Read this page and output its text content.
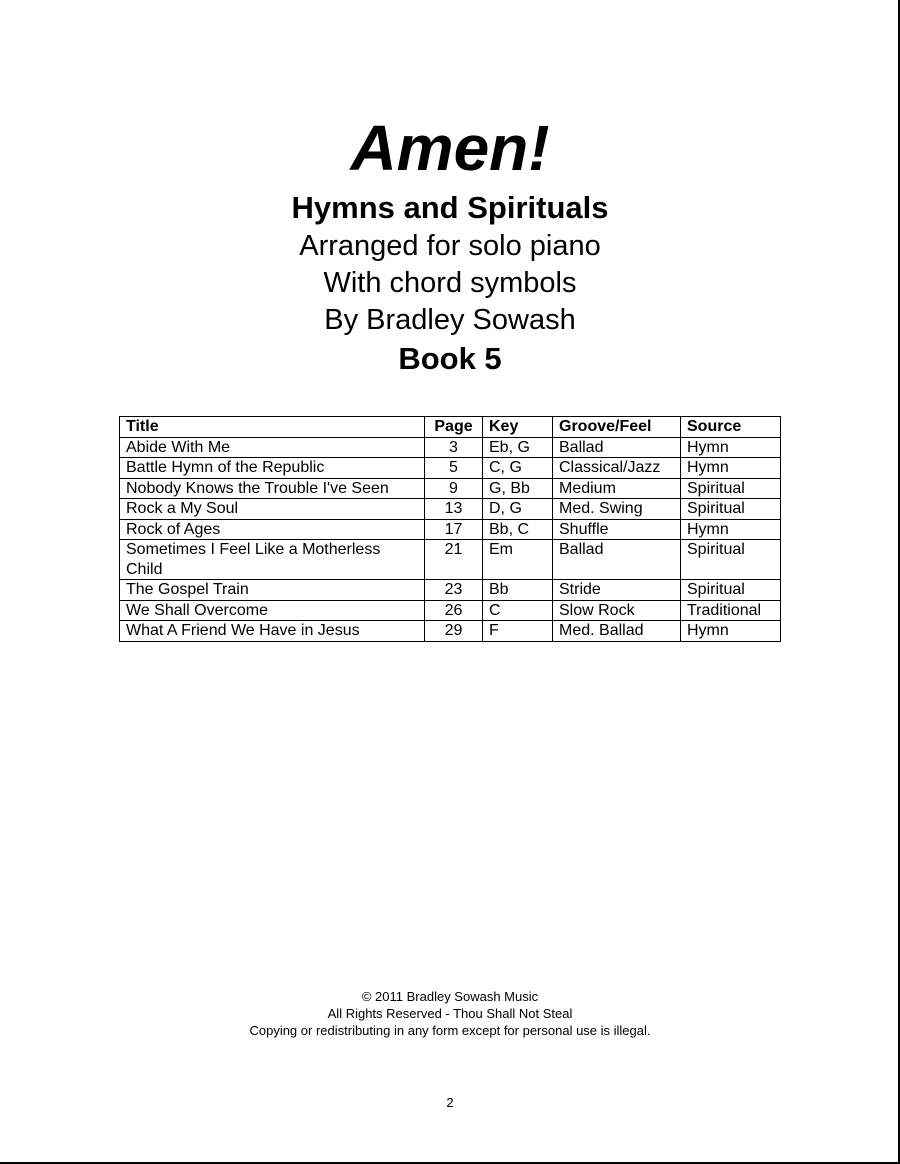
Amen!

Hymns and Spirituals

Arranged for solo piano

With chord symbols

By Bradley Sowash

Book 5

Title	Page	Key	Groove/Feel	Source
Abide With Me	3	Eb, G	Ballad	Hymn
Battle Hymn of the Republic	5	C, G	Classical/Jazz	Hymn
Nobody Knows the Trouble I've Seen	9	G, Bb	Medium	Spiritual
Rock a My Soul	13	D, G	Med. Swing	Spiritual
Rock of Ages	17	Bb, C	Shuffle	Hymn
Sometimes I Feel Like a Motherless Child	21	Em	Ballad	Spiritual
The Gospel Train	23	Bb	Stride	Spiritual
We Shall Overcome	26	C	Slow Rock	Traditional
What A Friend We Have in Jesus	29	F	Med. Ballad	Hymn
© 2011 Bradley Sowash Music
All Rights Reserved - Thou Shall Not Steal
Copying or redistributing in any form except for personal use is illegal.
2
